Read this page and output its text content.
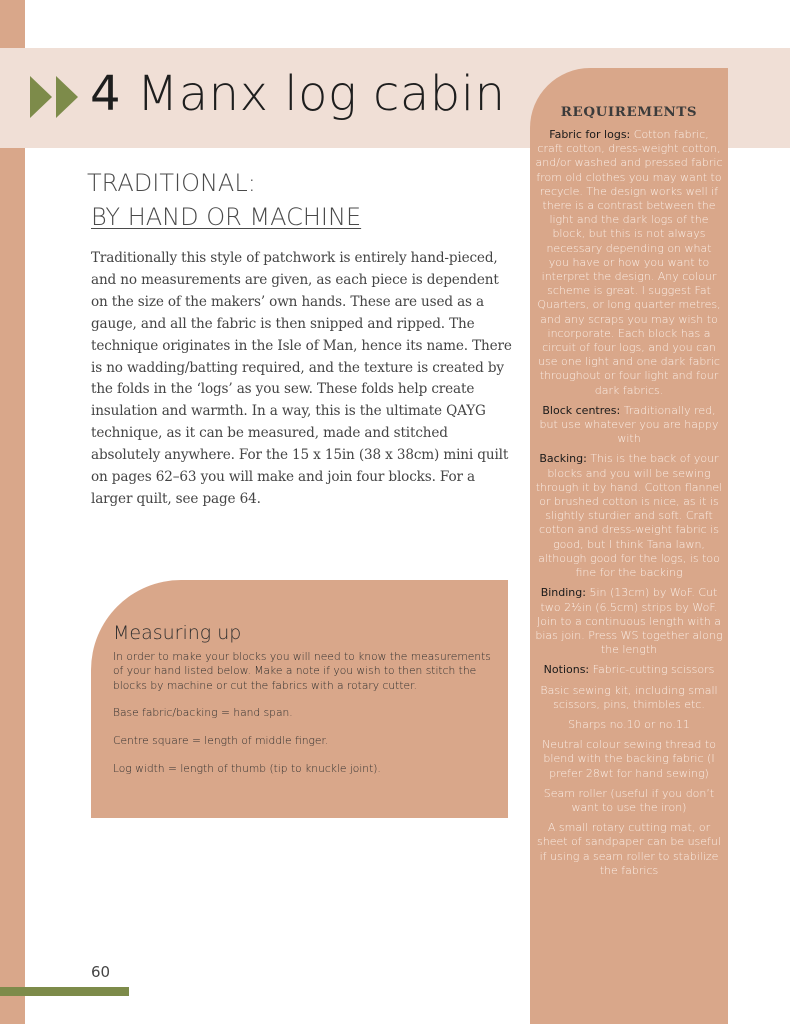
4 Manx log cabin
TRADITIONAL:
BY HAND OR MACHINE

Traditionally this style of patchwork is entirely hand-pieced, and no measurements are given, as each piece is dependent on the size of the makers’ own hands. These are used as a gauge, and all the fabric is then snipped and ripped. The technique originates in the Isle of Man, hence its name. There is no wadding/batting required, and the texture is created by the folds in the ‘logs’ as you sew. These folds help create insulation and warmth. In a way, this is the ultimate QAYG technique, as it can be measured, made and stitched absolutely anywhere. For the 15 x 15in (38 x 38cm) mini quilt on pages 62–63 you will make and join four blocks. For a larger quilt, see page 64.

Measuring up

In order to make your blocks you will need to know the measurements of your hand listed below. Make a note if you wish to then stitch the blocks by machine or cut the fabrics with a rotary cutter.

Base fabric/backing = hand span.

Centre square = length of middle finger.

Log width = length of thumb (tip to knuckle joint).

REQUIREMENTS

Fabric for logs: Cotton fabric, craft cotton, dress-weight cotton, and/or washed and pressed fabric from old clothes you may want to recycle. The design works well if there is a contrast between the light and the dark logs of the block, but this is not always necessary depending on what you have or how you want to interpret the design. Any colour scheme is great. I suggest Fat Quarters, or long quarter metres, and any scraps you may wish to incorporate. Each block has a circuit of four logs, and you can use one light and one dark fabric throughout or four light and four dark fabrics.

Block centres: Traditionally red, but use whatever you are happy with

Backing: This is the back of your blocks and you will be sewing through it by hand. Cotton flannel or brushed cotton is nice, as it is slightly sturdier and soft. Craft cotton and dress-weight fabric is good, but I think Tana lawn, although good for the logs, is too fine for the backing

Binding: 5in (13cm) by WoF. Cut two 2½in (6.5cm) strips by WoF. Join to a continuous length with a bias join. Press WS together along the length

Notions: Fabric-cutting scissors

Basic sewing kit, including small scissors, pins, thimbles etc.

Sharps no.10 or no.11

Neutral colour sewing thread to blend with the backing fabric (I prefer 28wt for hand sewing)

Seam roller (useful if you don’t want to use the iron)

A small rotary cutting mat, or sheet of sandpaper can be useful if using a seam roller to stabilize the fabrics

60
